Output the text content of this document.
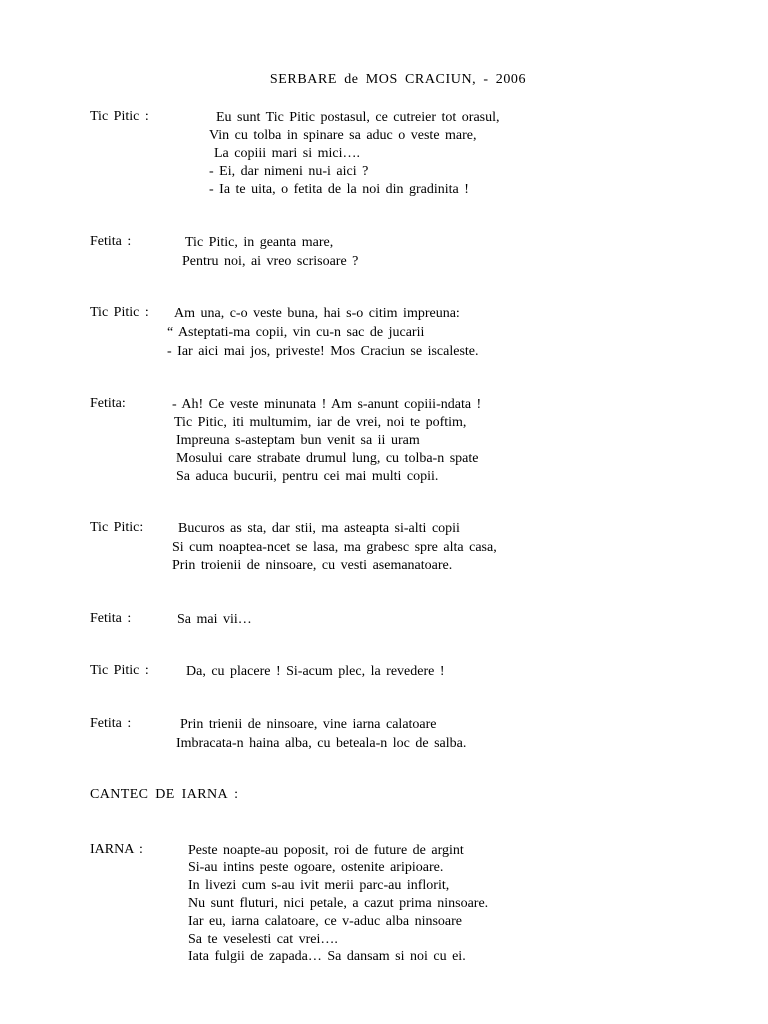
SERBARE de MOS CRACIUN, - 2006
Tic Pitic :	Eu sunt Tic Pitic postasul, ce cutreier tot orasul,
Vin cu tolba in spinare sa aduc o veste mare,
La copiii mari si mici….
- Ei, dar nimeni nu-i aici ?
- Ia te uita, o fetita de la noi din gradinita !
Fetita :	Tic Pitic, in geanta mare,
Pentru noi, ai vreo scrisoare ?
Tic Pitic : Am una, c-o veste buna, hai s-o citim impreuna:
“ Asteptati-ma copii, vin cu-n sac de jucarii
- Iar aici mai jos, priveste! Mos Craciun se iscaleste.
Fetita:	- Ah! Ce veste minunata ! Am s-anunt copiii-ndata !
Tic Pitic, iti multumim, iar de vrei, noi te poftim,
Impreuna s-asteptam bun venit sa ii uram
Mosului care strabate drumul lung, cu tolba-n spate
Sa aduca bucurii, pentru cei mai multi copii.
Tic Pitic: Bucuros as sta, dar stii, ma asteapta si-alti copii
Si cum noaptea-ncet se lasa, ma grabesc spre alta casa,
Prin troienii de ninsoare, cu vesti asemanatoare.
Fetita :	Sa mai vii…
Tic Pitic :	Da, cu placere ! Si-acum plec, la revedere !
Fetita :	Prin trienii de ninsoare, vine iarna calatoare
Imbracata-n haina alba, cu beteala-n loc de salba.
CANTEC DE IARNA :
IARNA :	Peste noapte-au poposit, roi de future de argint
Si-au intins peste ogoare, ostenite aripioare.
In livezi cum s-au ivit merii parc-au inflorit,
Nu sunt fluturi, nici petale, a cazut prima ninsoare.
Iar eu, iarna calatoare, ce v-aduc alba ninsoare
Sa te veselesti cat vrei….
Iata fulgii de zapada… Sa dansam si noi cu ei.
